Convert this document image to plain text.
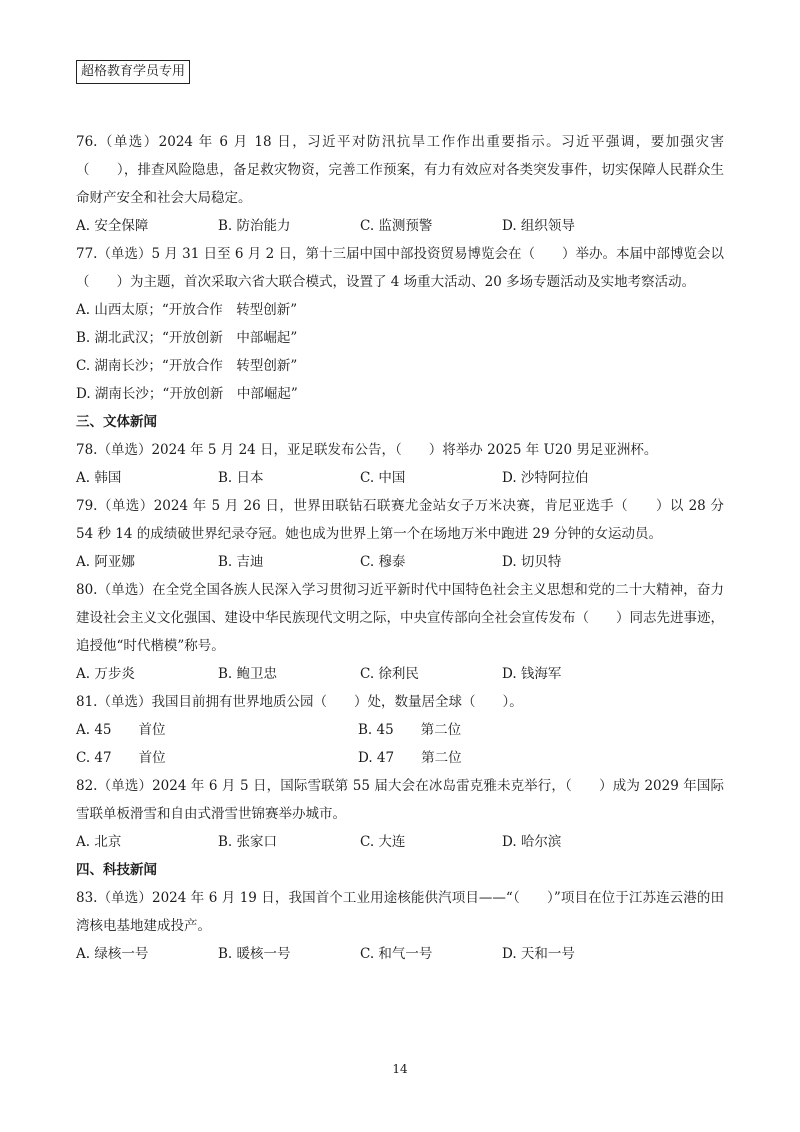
超格教育学员专用

76.（单选）2024 年 6 月 18 日，习近平对防汛抗旱工作作出重要指示。习近平强调，要加强灾害（　　），排查风险隐患，备足救灾物资，完善工作预案，有力有效应对各类突发事件，切实保障人民群众生命财产安全和社会大局稳定。

A. 安全保障	B. 防治能力	C. 监测预警	D. 组织领导

77.（单选）5 月 31 日至 6 月 2 日，第十三届中国中部投资贸易博览会在（　　）举办。本届中部博览会以（　　）为主题，首次采取六省大联合模式，设置了 4 场重大活动、20 多场专题活动及实地考察活动。

A. 山西太原；“开放合作　转型创新”

B. 湖北武汉；“开放创新　中部崛起”

C. 湖南长沙；“开放合作　转型创新”

D. 湖南长沙；“开放创新　中部崛起”

三、文体新闻

78.（单选）2024 年 5 月 24 日，亚足联发布公告，（　　）将举办 2025 年 U20 男足亚洲杯。

A. 韩国	B. 日本	C. 中国	D. 沙特阿拉伯

79.（单选）2024 年 5 月 26 日，世界田联钻石联赛尤金站女子万米决赛，肯尼亚选手（　　）以 28 分 54 秒 14 的成绩破世界纪录夺冠。她也成为世界上第一个在场地万米中跑进 29 分钟的女运动员。

A. 阿亚娜	B. 吉迪	C. 穆泰	D. 切贝特

80.（单选）在全党全国各族人民深入学习贯彻习近平新时代中国特色社会主义思想和党的二十大精神，奋力建设社会主义文化强国、建设中华民族现代文明之际，中央宣传部向全社会宣传发布（　　）同志先进事迹，追授他“时代楷模”称号。

A. 万步炎	B. 鲍卫忠	C. 徐利民	D. 钱海军

81.（单选）我国目前拥有世界地质公园（　　）处，数量居全球（　　）。

A. 45　　首位	B. 45　　第二位
C. 47　　首位	D. 47　　第二位

82.（单选）2024 年 6 月 5 日，国际雪联第 55 届大会在冰岛雷克雅未克举行，（　　）成为 2029 年国际雪联单板滑雪和自由式滑雪世锦赛举办城市。

A. 北京	B. 张家口	C. 大连	D. 哈尔滨

四、科技新闻

83.（单选）2024 年 6 月 19 日，我国首个工业用途核能供汽项目——“（　　）”项目在位于江苏连云港的田湾核电基地建成投产。

A. 绿核一号	B. 暖核一号	C. 和气一号	D. 天和一号
14
